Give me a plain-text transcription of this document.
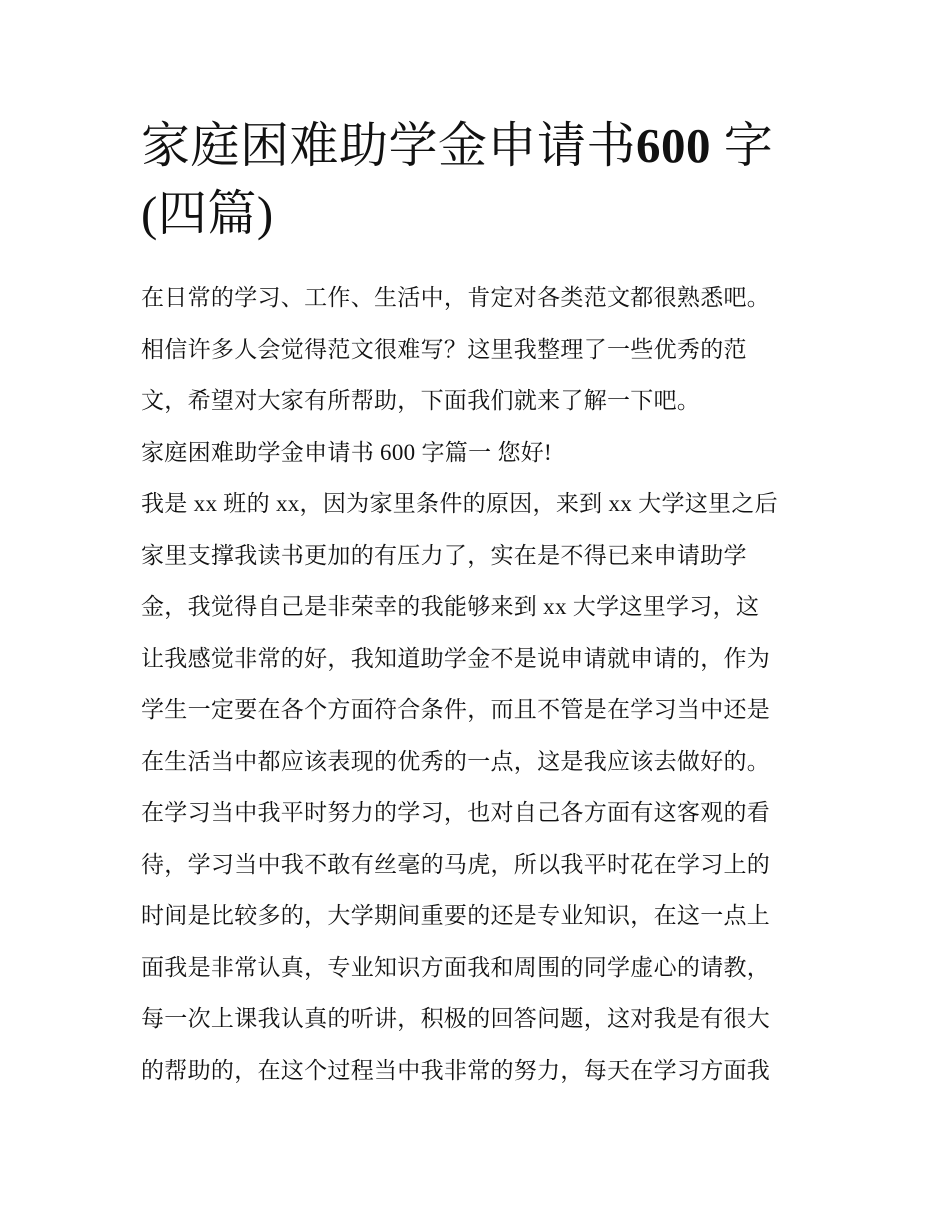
家庭困难助学金申请书600 字
(四篇)
在日常的学习、工作、生活中，肯定对各类范文都很熟悉吧。
相信许多人会觉得范文很难写？这里我整理了一些优秀的范
文，希望对大家有所帮助，下面我们就来了解一下吧。
家庭困难助学金申请书 600 字篇一 您好!
我是 xx 班的 xx，因为家里条件的原因，来到 xx 大学这里之后
家里支撑我读书更加的有压力了，实在是不得已来申请助学
金，我觉得自己是非荣幸的我能够来到 xx 大学这里学习，这
让我感觉非常的好，我知道助学金不是说申请就申请的，作为
学生一定要在各个方面符合条件，而且不管是在学习当中还是
在生活当中都应该表现的优秀的一点，这是我应该去做好的。
在学习当中我平时努力的学习，也对自己各方面有这客观的看
待，学习当中我不敢有丝毫的马虎，所以我平时花在学习上的
时间是比较多的，大学期间重要的还是专业知识，在这一点上
面我是非常认真，专业知识方面我和周围的同学虚心的请教，
每一次上课我认真的听讲，积极的回答问题，这对我是有很大
的帮助的，在这个过程当中我非常的努力，每天在学习方面我
